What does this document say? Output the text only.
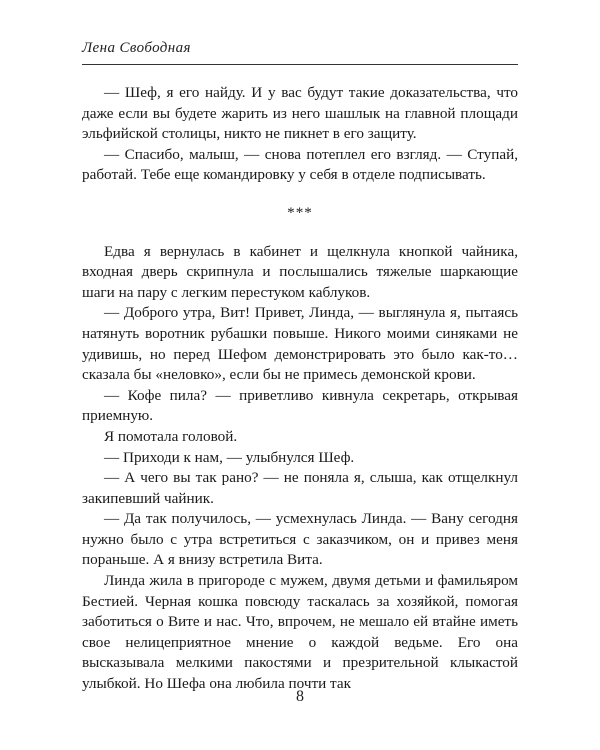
Лена Свободная

— Шеф, я его найду. И у вас будут такие доказательства, что даже если вы будете жарить из него шашлык на главной площади эльфийской столицы, никто не пикнет в его защиту.

— Спасибо, малыш, — снова потеплел его взгляд. — Ступай, работай. Тебе еще командировку у себя в отделе подписывать.

***

Едва я вернулась в кабинет и щелкнула кнопкой чайника, входная дверь скрипнула и послышались тяжелые шаркающие шаги на пару с легким перестуком каблуков.

— Доброго утра, Вит! Привет, Линда, — выглянула я, пытаясь натянуть воротник рубашки повыше. Никого моими синяками не удивишь, но перед Шефом демонстрировать это было как-то… сказала бы «неловко», если бы не примесь демонской крови.

— Кофе пила? — приветливо кивнула секретарь, открывая приемную.

Я помотала головой.

— Приходи к нам, — улыбнулся Шеф.

— А чего вы так рано? — не поняла я, слыша, как отщелкнул закипевший чайник.

— Да так получилось, — усмехнулась Линда. — Вану сегодня нужно было с утра встретиться с заказчиком, он и привез меня пораньше. А я внизу встретила Вита.

Линда жила в пригороде с мужем, двумя детьми и фамильяром Бестией. Черная кошка повсюду таскалась за хозяйкой, помогая заботиться о Вите и нас. Что, впрочем, не мешало ей втайне иметь свое нелицеприятное мнение о каждой ведьме. Его она высказывала мелкими пакостями и презрительной клыкастой улыбкой. Но Шефа она любила почти так

8
